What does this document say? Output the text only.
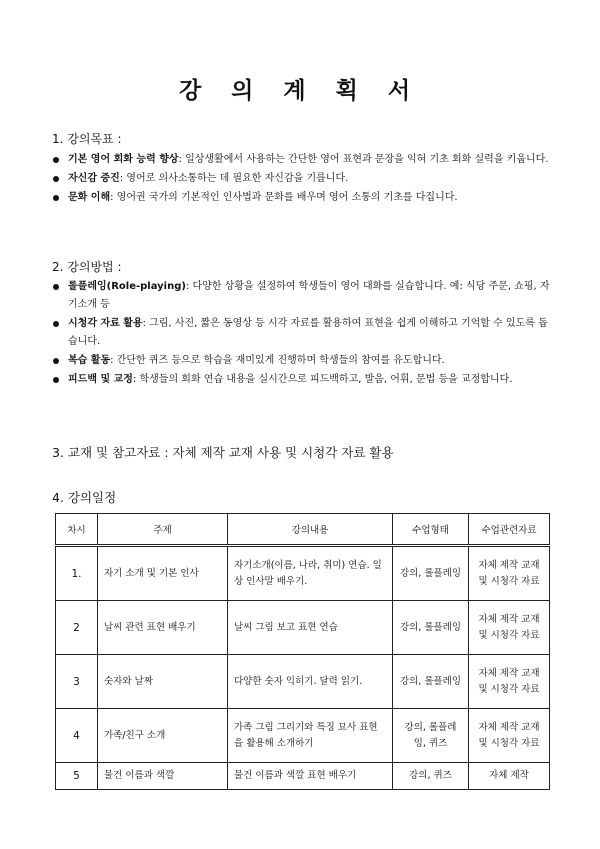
강 의 계 획 서
1. 강의목표 :
기본 영어 회화 능력 향상: 일상생활에서 사용하는 간단한 영어 표현과 문장을 익혀 기초 회화 실력을 키웁니다.
자신감 증진: 영어로 의사소통하는 데 필요한 자신감을 기릅니다.
문화 이해: 영어권 국가의 기본적인 인사법과 문화를 배우며 영어 소통의 기초를 다집니다.
2. 강의방법 :
롤플레잉(Role-playing): 다양한 상황을 설정하여 학생들이 영어 대화를 실습합니다. 예: 식당 주문, 쇼핑, 자기소개 등
시청각 자료 활용: 그림, 사진, 짧은 동영상 등 시각 자료를 활용하여 표현을 쉽게 이해하고 기억할 수 있도록 돕습니다.
복습 활동: 간단한 퀴즈 등으로 학습을 재미있게 진행하며 학생들의 참여를 유도합니다.
피드백 및 교정: 학생들의 회화 연습 내용을 실시간으로 피드백하고, 발음, 어휘, 문법 등을 교정합니다.
3. 교재 및 참고자료 : 자체 제작 교재 사용 및 시청각 자료 활용
4. 강의일정
차시	주제	강의내용	수업형태	수업관련자료
1.	자기 소개 및 기본 인사	자기소개(이름, 나라, 취미) 연습. 일상 인사말 배우기.	강의, 롤플레잉	자체 제작 교재 및 시청각 자료
2	날씨 관련 표현 배우기	날씨 그림 보고 표현 연습	강의, 롤플레잉	자체 제작 교재 및 시청각 자료
3	숫자와 날짜	다양한 숫자 익히기. 달력 읽기.	강의, 롤플레잉	자체 제작 교재 및 시청각 자료
4	가족/친구 소개	가족 그림 그리기와 특징 묘사 표현을 활용해 소개하기	강의, 롤플레잉, 퀴즈	자체 제작 교재 및 시청각 자료
5	물건 이름과 색깔	물건 이름과 색깔 표현 배우기	강의, 퀴즈	자체 제작
